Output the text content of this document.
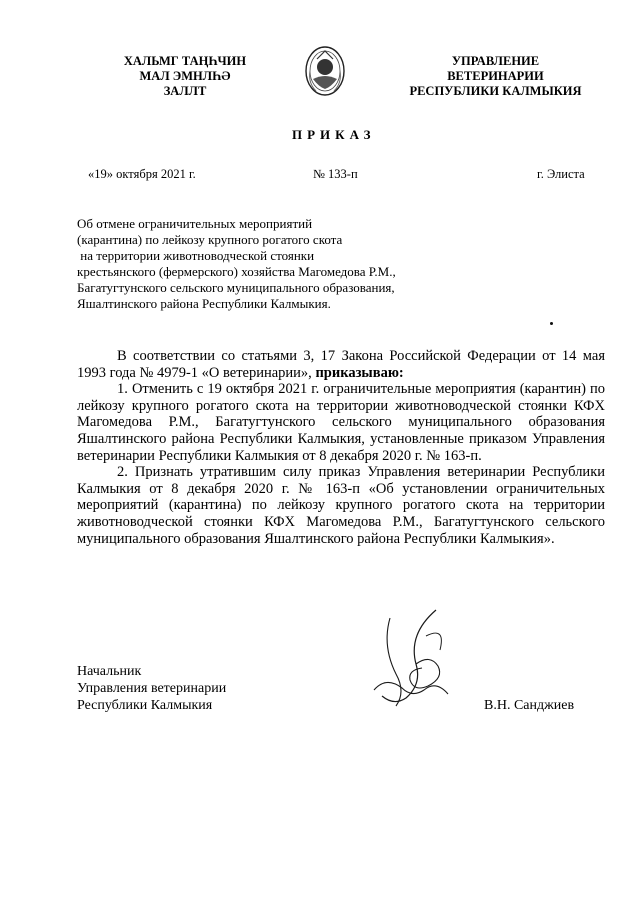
ХАЛЬМГ ТАҢҺЧИН
МАЛ ЭМНЛҺӘ
ЗАЛЛТ
УПРАВЛЕНИЕ
ВЕТЕРИНАРИИ
РЕСПУБЛИКИ КАЛМЫКИЯ
ПРИКАЗ
«19» октября 2021 г.	№ 133-п	г. Элиста
Об отмене ограничительных мероприятий
(карантина) по лейкозу крупного рогатого скота
на территории животноводческой стоянки
крестьянского (фермерского) хозяйства Магомедова Р.М.,
Багатугтунского сельского муниципального образования,
Яшалтинского района Республики Калмыкия.

В соответствии со статьями 3, 17 Закона Российской Федерации от 14 мая 1993 года № 4979-1 «О ветеринарии», приказываю:

1. Отменить с 19 октября 2021 г. ограничительные мероприятия (карантин) по лейкозу крупного рогатого скота на территории животноводческой стоянки КФХ Магомедова Р.М., Багатугтунского сельского муниципального образования Яшалтинского района Республики Калмыкия, установленные приказом Управления ветеринарии Республики Калмыкия от 8 декабря 2020 г. № 163-п.

2. Признать утратившим силу приказ Управления ветеринарии Республики Калмыкия от 8 декабря 2020 г. № 163-п «Об установлении ограничительных мероприятий (карантина) по лейкозу крупного рогатого скота на территории животноводческой стоянки КФХ Магомедова Р.М., Багатугтунского сельского муниципального образования Яшалтинского района Республики Калмыкия».

Начальник
Управления ветеринарии
Республики Калмыкия	В.Н. Санджиев
